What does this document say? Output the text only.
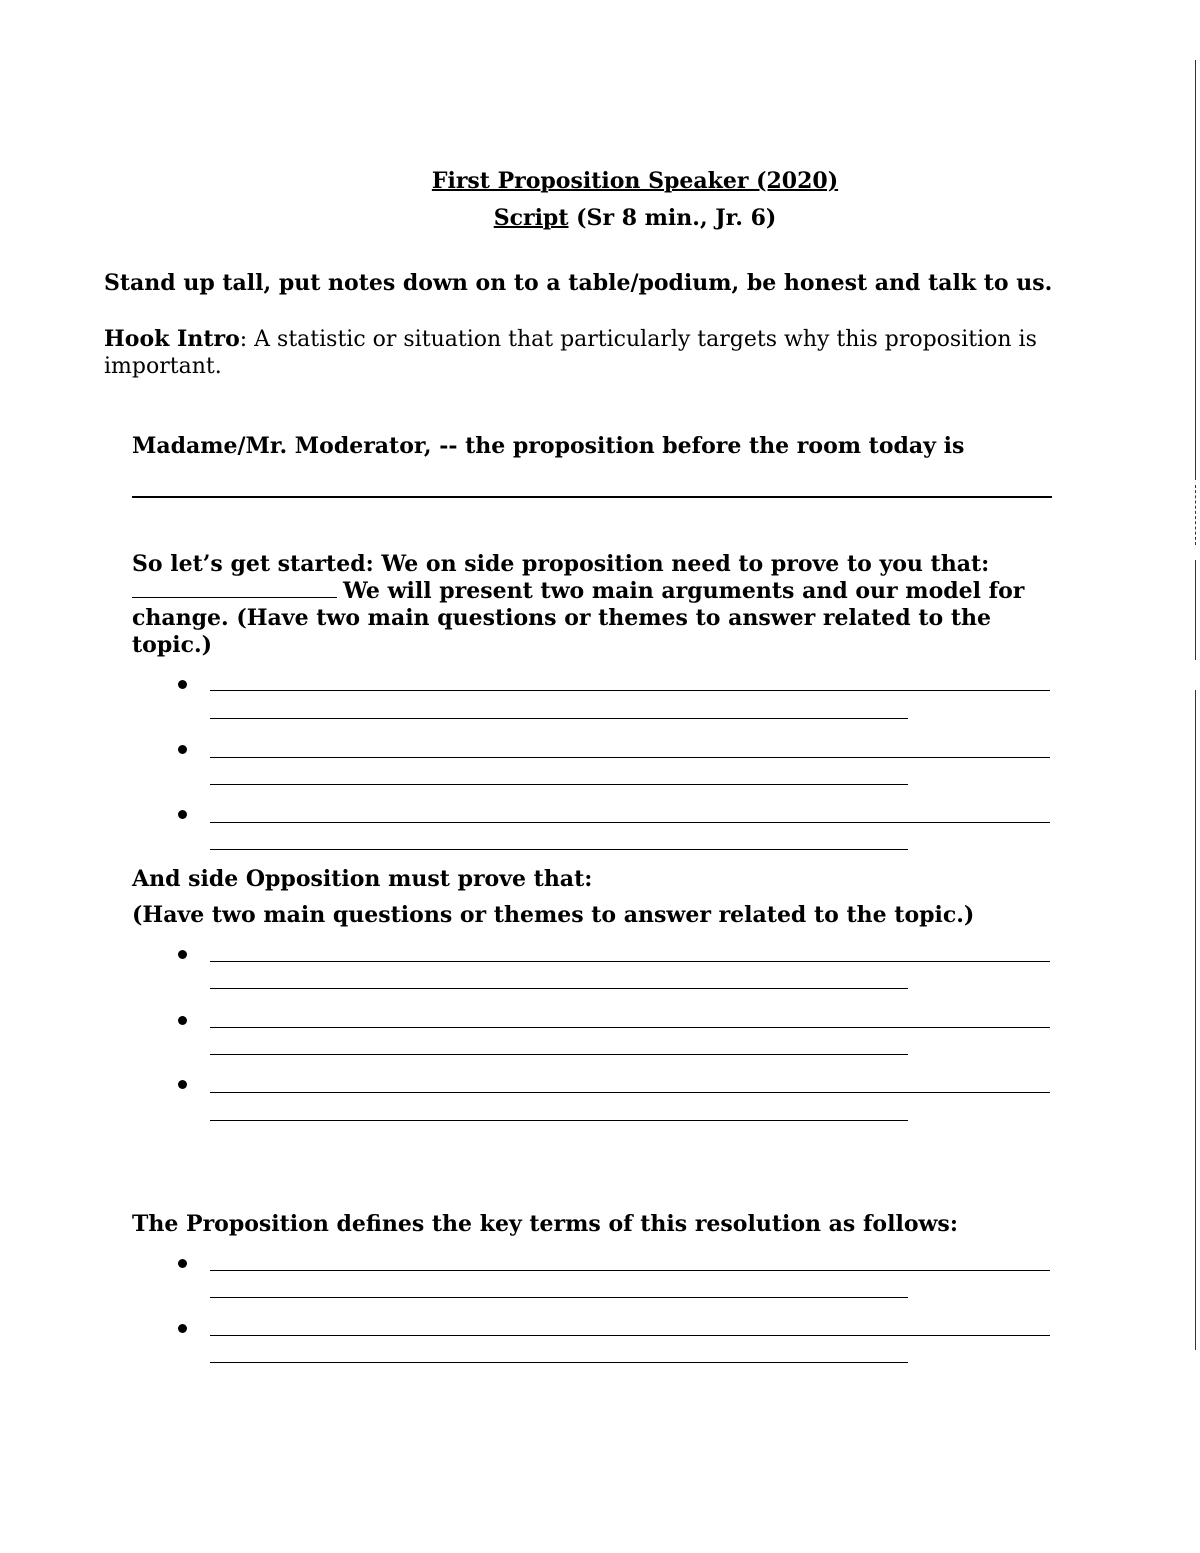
First Proposition Speaker (2020)
Script (Sr 8 min., Jr. 6)
Stand up tall, put notes down on to a table/podium, be honest and talk to us.
Hook Intro: A statistic or situation that particularly targets why this proposition is important.
Madame/Mr. Moderator, -- the proposition before the room today is
So let’s get started: We on side proposition need to prove to you that:
We will present two main arguments and our model for change. (Have two main questions or themes to answer related to the topic.)
And side Opposition must prove that:
(Have two main questions or themes to answer related to the topic.)
The Proposition defines the key terms of this resolution as follows:
